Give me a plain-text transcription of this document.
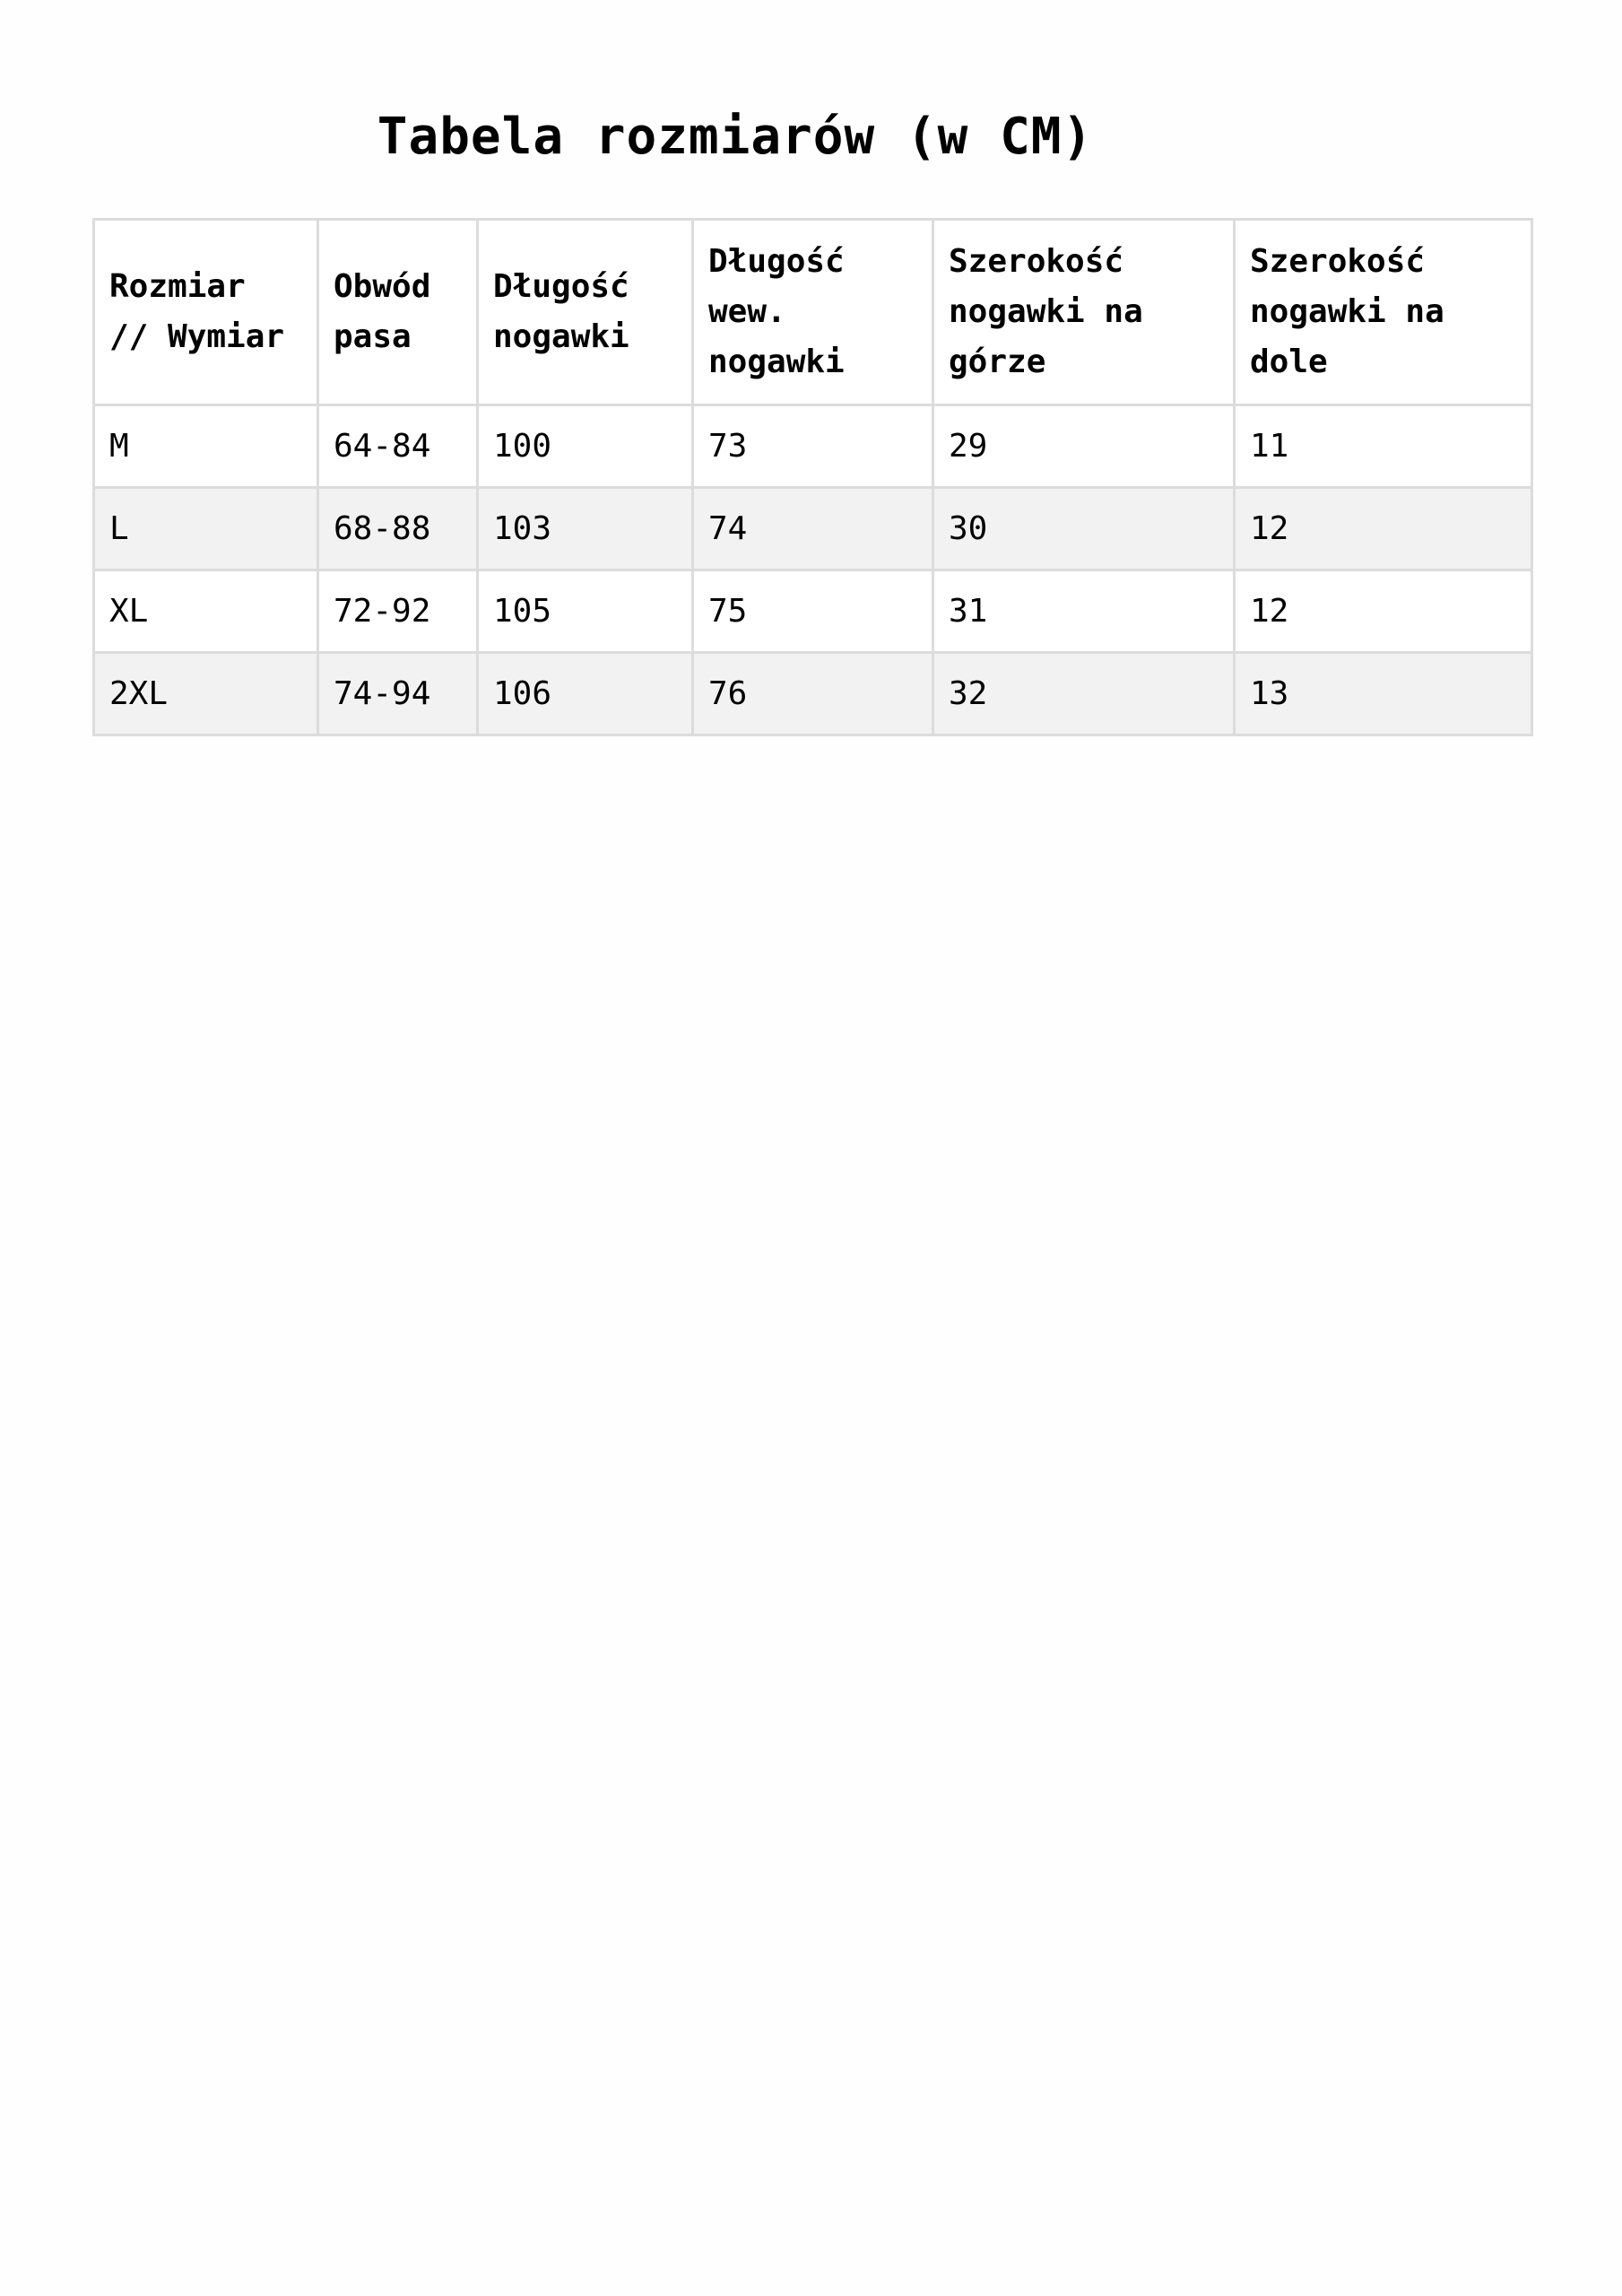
Tabela rozmiarów (w CM)
Rozmiar // Wymiar	Obwód pasa	Długość nogawki	Długość wew. nogawki	Szerokość nogawki na górze	Szerokość nogawki na dole
M	64-84	100	73	29	11
L	68-88	103	74	30	12
XL	72-92	105	75	31	12
2XL	74-94	106	76	32	13
